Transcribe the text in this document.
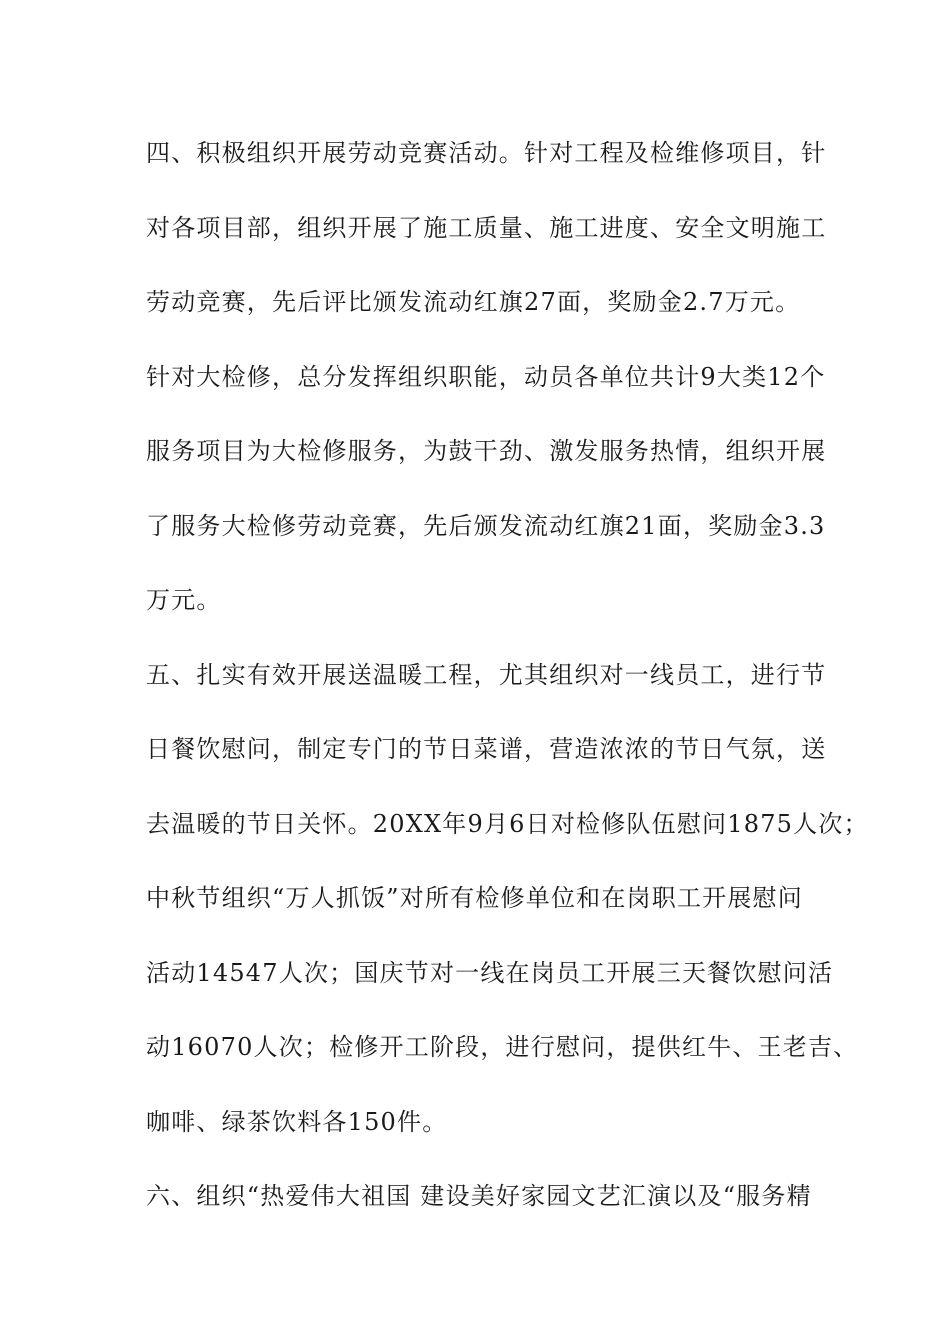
四、积极组织开展劳动竞赛活动。针对工程及检维修项目，针
对各项目部，组织开展了施工质量、施工进度、安全文明施工
劳动竞赛，先后评比颁发流动红旗27面，奖励金2.7万元。
针对大检修，总分发挥组织职能，动员各单位共计9大类12个
服务项目为大检修服务，为鼓干劲、激发服务热情，组织开展
了服务大检修劳动竞赛，先后颁发流动红旗21面，奖励金3.3
万元。
五、扎实有效开展送温暖工程，尤其组织对一线员工，进行节
日餐饮慰问，制定专门的节日菜谱，营造浓浓的节日气氛，送
去温暖的节日关怀。20XX年9月6日对检修队伍慰问1875人次；
中秋节组织“万人抓饭”对所有检修单位和在岗职工开展慰问
活动14547人次；国庆节对一线在岗员工开展三天餐饮慰问活
动16070人次；检修开工阶段，进行慰问，提供红牛、王老吉、
咖啡、绿茶饮料各150件。
六、组织“热爱伟大祖国 建设美好家园文艺汇演以及“服务精
